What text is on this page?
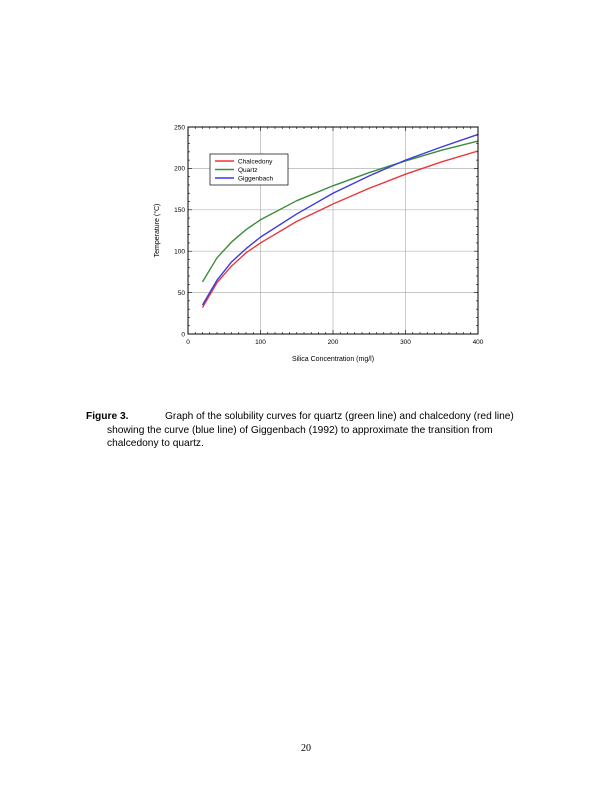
0	100	200	300	400
0
50
100
150
200
250
Chalcedony
Quartz
Giggenbach
Silica Concentration (mg/l)
Temperature (°C)
Figure 3.	Graph of the solubility curves for quartz (green line) and chalcedony (red line) showing the curve (blue line) of Giggenbach (1992) to approximate the transition from chalcedony to quartz.
20
